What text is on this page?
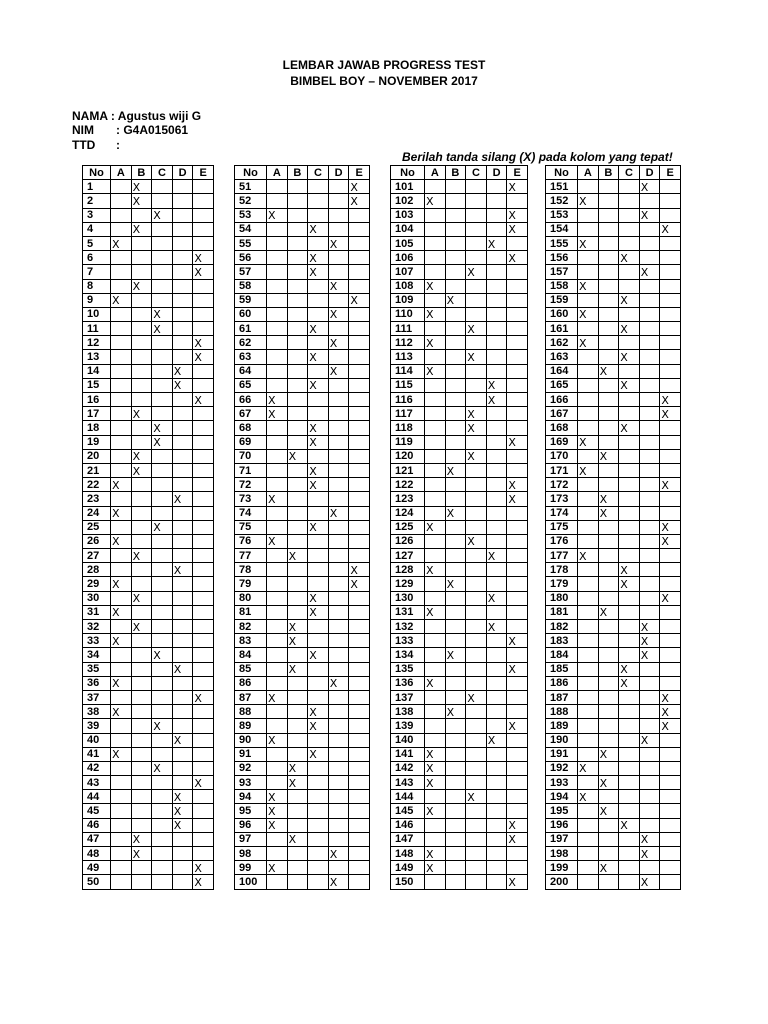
LEMBAR JAWAB PROGRESS TEST
BIMBEL BOY – NOVEMBER 2017
NAMA : Agustus wiji G
NIM : G4A015061
TTD :
Berilah tanda silang (X) pada kolom yang tepat!
No	A	B	C	D	E
1		X			
2		X			
3			X		
4		X			
5	X				
6					X
7					X
8		X			
9	X				
10			X		
11			X		
12					X
13					X
14				X	
15				X	
16					X
17		X			
18			X		
19			X		
20		X			
21		X			
22	X				
23				X	
24	X				
25			X		
26	X				
27		X			
28				X	
29	X				
30		X			
31	X				
32		X			
33	X				
34			X		
35				X	
36	X				
37					X
38	X				
39			X		
40				X	
41	X				
42			X		
43					X
44				X	
45				X	
46				X	
47		X			
48		X			
49					X
50					X
No	A	B	C	D	E
51					X
52					X
53	X				
54			X		
55				X	
56			X		
57			X		
58				X	
59					X
60				X	
61			X		
62				X	
63			X		
64				X	
65			X		
66	X				
67	X				
68			X		
69			X		
70		X			
71			X		
72			X		
73	X				
74				X	
75			X		
76	X				
77		X			
78					X
79					X
80			X		
81			X		
82		X			
83		X			
84			X		
85		X			
86				X	
87	X				
88			X		
89			X		
90	X				
91			X		
92		X			
93		X			
94	X				
95	X				
96	X				
97		X			
98				X	
99	X				
100				X	
No	A	B	C	D	E
101					X
102	X				
103					X
104					X
105				X	
106					X
107			X		
108	X				
109		X			
110	X				
111			X		
112	X				
113			X		
114	X				
115				X	
116				X	
117			X		
118			X		
119					X
120			X		
121		X			
122					X
123					X
124		X			
125	X				
126			X		
127				X	
128	X				
129		X			
130				X	
131	X				
132				X	
133					X
134		X			
135					X
136	X				
137			X		
138		X			
139					X
140				X	
141	X				
142	X				
143	X				
144			X		
145	X				
146					X
147					X
148	X				
149	X				
150					X
No	A	B	C	D	E
151				X	
152	X				
153				X	
154					X
155	X				
156			X		
157				X	
158	X				
159			X		
160	X				
161			X		
162	X				
163			X		
164		X			
165			X		
166					X
167					X
168			X		
169	X				
170		X			
171	X				
172					X
173		X			
174		X			
175					X
176					X
177	X				
178			X		
179			X		
180					X
181		X			
182				X	
183				X	
184				X	
185			X		
186			X		
187					X
188					X
189					X
190				X	
191		X			
192	X				
193		X			
194	X				
195		X			
196			X		
197				X	
198				X	
199		X			
200				X	
